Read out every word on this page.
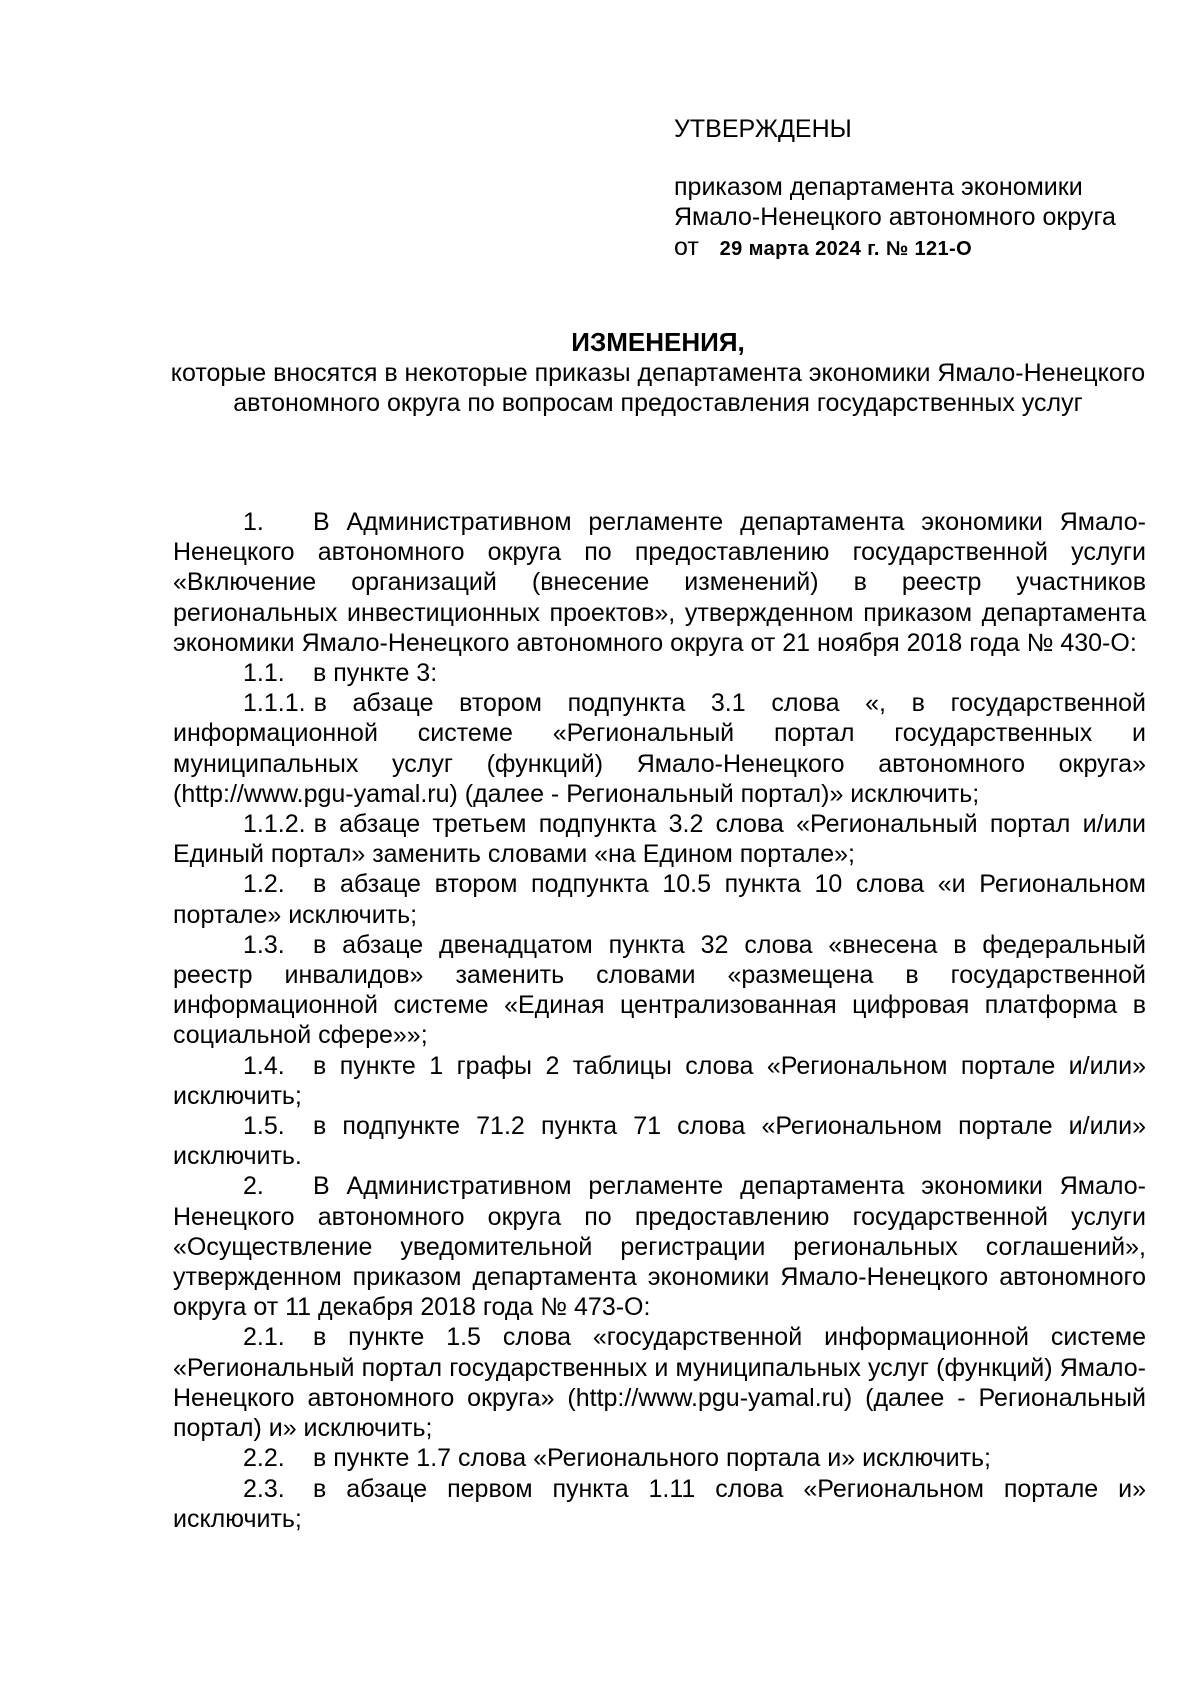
УТВЕРЖДЕНЫ
приказом департамента экономики
Ямало-Ненецкого автономного округа
от 29 марта 2024 г. № 121-О
ИЗМЕНЕНИЯ,
которые вносятся в некоторые приказы департамента экономики Ямало-Ненецкого автономного округа по вопросам предоставления государственных услуг

1. В Административном регламенте департамента экономики Ямало-Ненецкого автономного округа по предоставлению государственной услуги «Включение организаций (внесение изменений) в реестр участников региональных инвестиционных проектов», утвержденном приказом департамента экономики Ямало-Ненецкого автономного округа от 21 ноября 2018 года № 430-О:

1.1. в пункте 3:

1.1.1. в абзаце втором подпункта 3.1 слова «, в государственной информационной системе «Региональный портал государственных и муниципальных услуг (функций) Ямало-Ненецкого автономного округа» (http://www.pgu-yamal.ru) (далее - Региональный портал)» исключить;

1.1.2. в абзаце третьем подпункта 3.2 слова «Региональный портал и/или Единый портал» заменить словами «на Едином портале»;

1.2. в абзаце втором подпункта 10.5 пункта 10 слова «и Региональном портале» исключить;

1.3. в абзаце двенадцатом пункта 32 слова «внесена в федеральный реестр инвалидов» заменить словами «размещена в государственной информационной системе «Единая централизованная цифровая платформа в социальной сфере»»;

1.4. в пункте 1 графы 2 таблицы слова «Региональном портале и/или» исключить;

1.5. в подпункте 71.2 пункта 71 слова «Региональном портале и/или» исключить.

2. В Административном регламенте департамента экономики Ямало-Ненецкого автономного округа по предоставлению государственной услуги «Осуществление уведомительной регистрации региональных соглашений», утвержденном приказом департамента экономики Ямало-Ненецкого автономного округа от 11 декабря 2018 года № 473-О:

2.1. в пункте 1.5 слова «государственной информационной системе «Региональный портал государственных и муниципальных услуг (функций) Ямало-Ненецкого автономного округа» (http://www.pgu-yamal.ru) (далее - Региональный портал) и» исключить;

2.2. в пункте 1.7 слова «Регионального портала и» исключить;

2.3. в абзаце первом пункта 1.11 слова «Региональном портале и» исключить;
